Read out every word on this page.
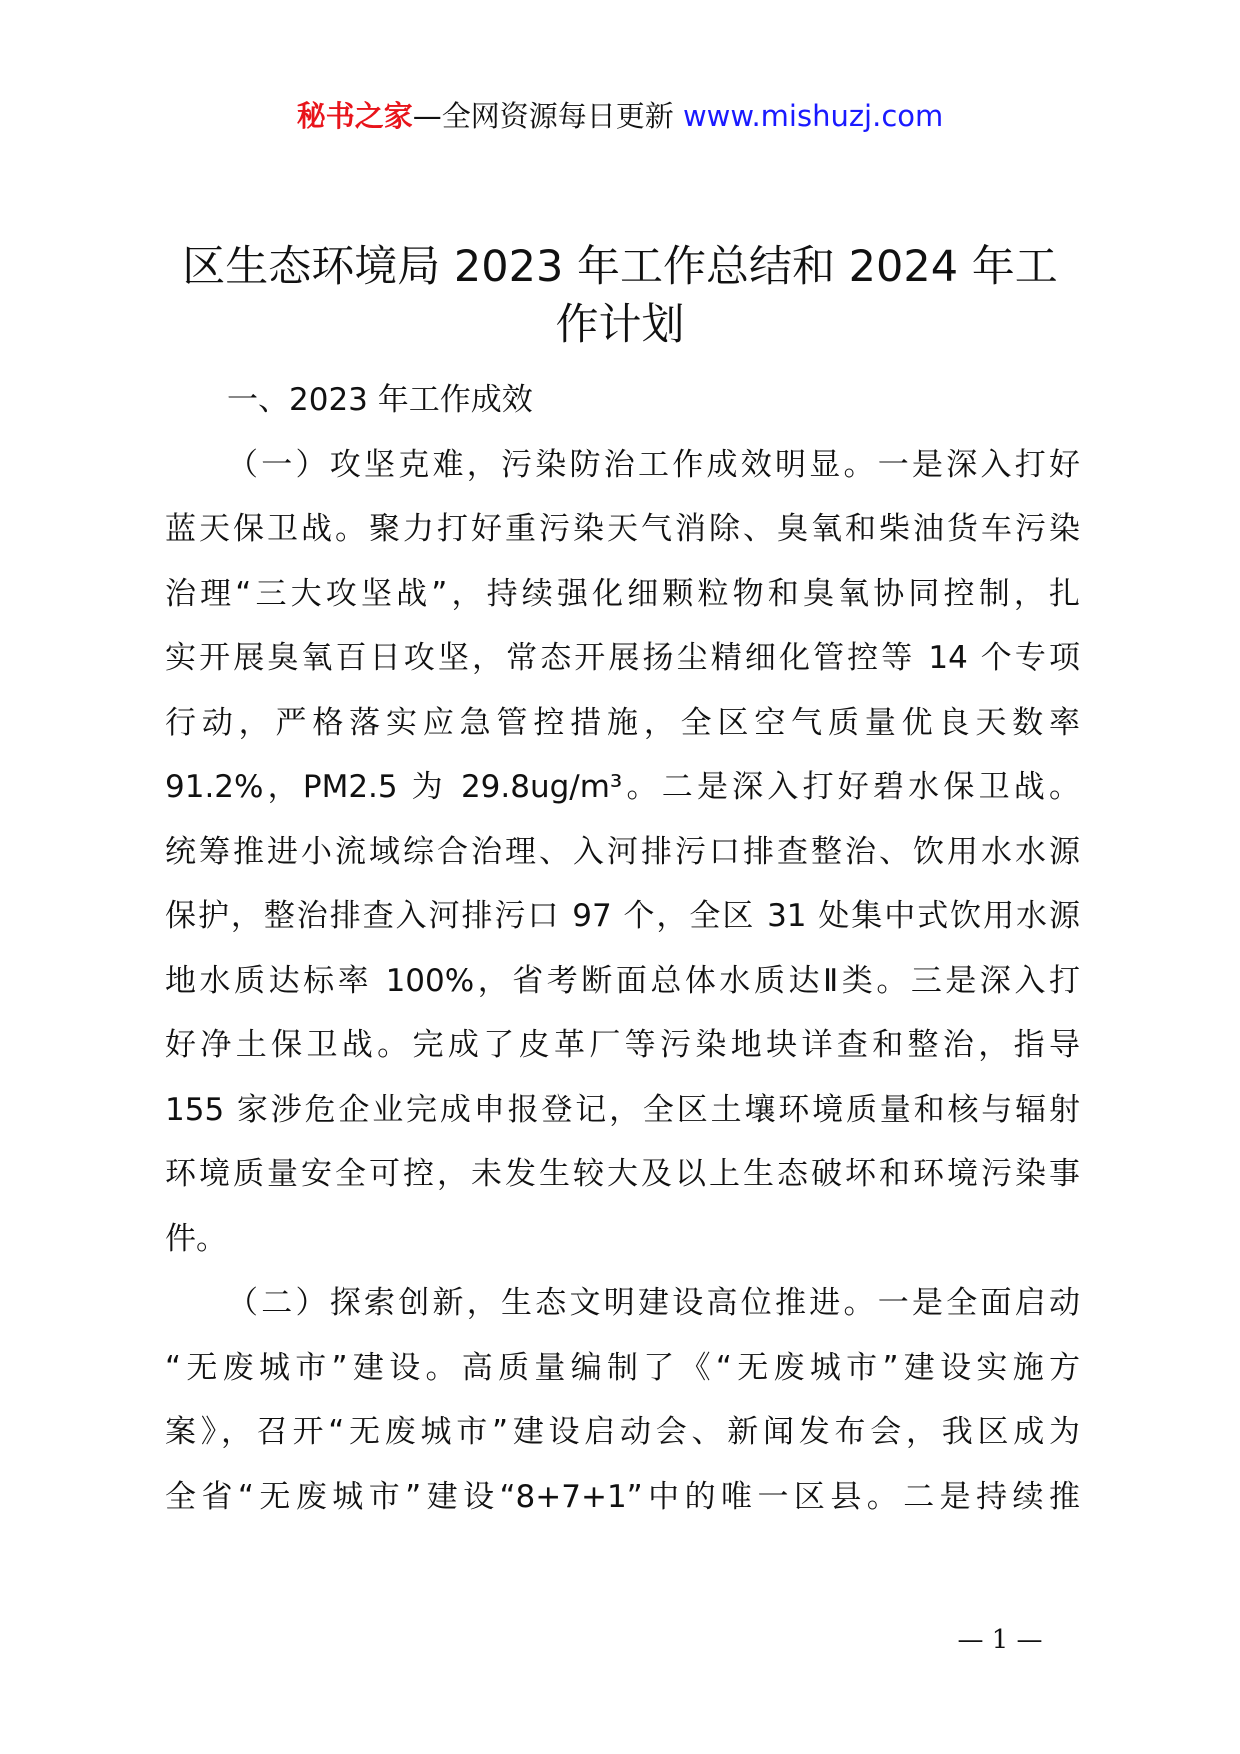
秘书之家—全网资源每日更新 www.mishuzj.com
区生态环境局 2023 年工作总结和 2024 年工
作计划
一、2023 年工作成效
（一）攻坚克难，污染防治工作成效明显。一是深入打好
蓝天保卫战。聚力打好重污染天气消除、臭氧和柴油货车污染
治理“三大攻坚战”，持续强化细颗粒物和臭氧协同控制，扎
实开展臭氧百日攻坚，常态开展扬尘精细化管控等 14 个专项
行动，严格落实应急管控措施，全区空气质量优良天数率
91.2%，PM2.5 为 29.8ug/m³。二是深入打好碧水保卫战。
统筹推进小流域综合治理、入河排污口排查整治、饮用水水源
保护，整治排查入河排污口 97 个，全区 31 处集中式饮用水源
地水质达标率 100%，省考断面总体水质达Ⅱ类。三是深入打
好净土保卫战。完成了皮革厂等污染地块详查和整治，指导
155 家涉危企业完成申报登记，全区土壤环境质量和核与辐射
环境质量安全可控，未发生较大及以上生态破坏和环境污染事
件。
（二）探索创新，生态文明建设高位推进。一是全面启动
“无废城市”建设。高质量编制了《“无废城市”建设实施方
案》，召开“无废城市”建设启动会、新闻发布会，我区成为
全省“无废城市”建设“8+7+1”中的唯一区县。二是持续推
— 1 —
